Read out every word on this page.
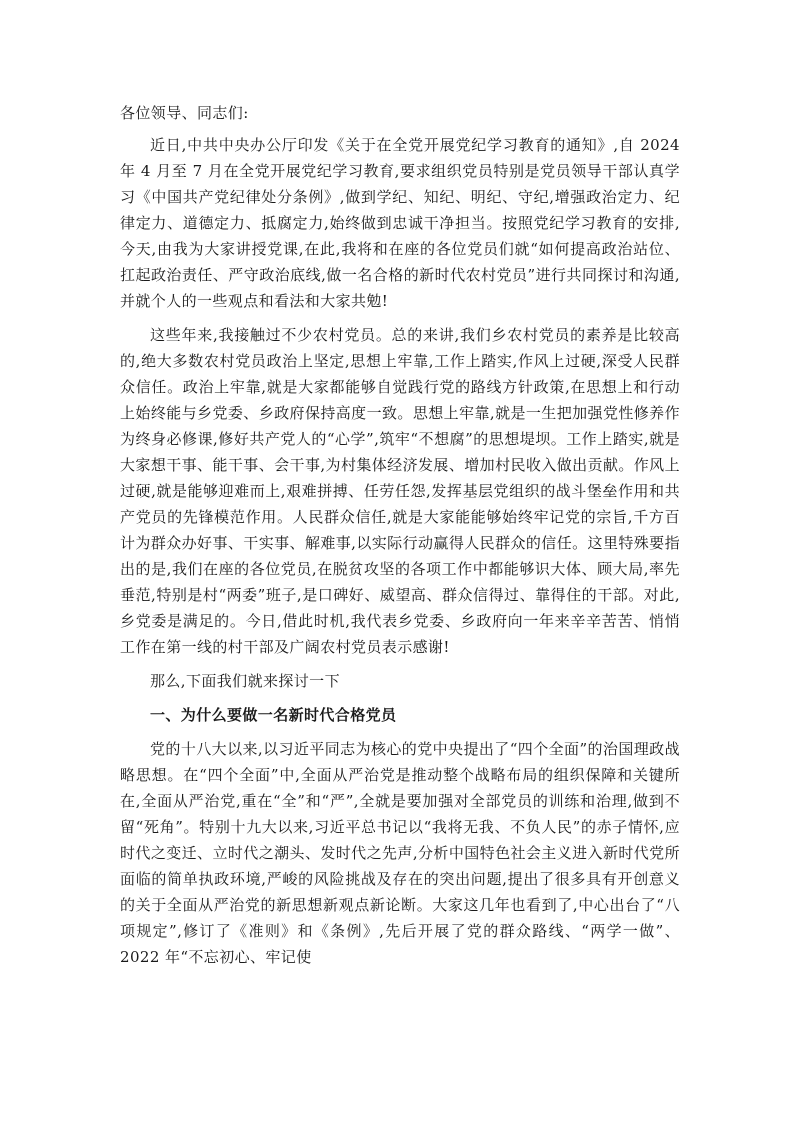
各位领导、同志们:

近日,中共中央办公厅印发《关于在全党开展党纪学习教育的通知》,自 2024 年 4 月至 7 月在全党开展党纪学习教育,要求组织党员特别是党员领导干部认真学习《中国共产党纪律处分条例》,做到学纪、知纪、明纪、守纪,增强政治定力、纪律定力、道德定力、抵腐定力,始终做到忠诚干净担当。按照党纪学习教育的安排,今天,由我为大家讲授党课,在此,我将和在座的各位党员们就“如何提高政治站位、扛起政治责任、严守政治底线,做一名合格的新时代农村党员”进行共同探讨和沟通,并就个人的一些观点和看法和大家共勉!

这些年来,我接触过不少农村党员。总的来讲,我们乡农村党员的素养是比较高的,绝大多数农村党员政治上坚定,思想上牢靠,工作上踏实,作风上过硬,深受人民群众信任。政治上牢靠,就是大家都能够自觉践行党的路线方针政策,在思想上和行动上始终能与乡党委、乡政府保持高度一致。思想上牢靠,就是一生把加强党性修养作为终身必修课,修好共产党人的“心学”,筑牢“不想腐”的思想堤坝。工作上踏实,就是大家想干事、能干事、会干事,为村集体经济发展、增加村民收入做出贡献。作风上过硬,就是能够迎难而上,艰难拼搏、任劳任怨,发挥基层党组织的战斗堡垒作用和共产党员的先锋模范作用。人民群众信任,就是大家能能够始终牢记党的宗旨,千方百计为群众办好事、干实事、解难事,以实际行动赢得人民群众的信任。这里特殊要指出的是,我们在座的各位党员,在脱贫攻坚的各项工作中都能够识大体、顾大局,率先垂范,特别是村“两委”班子,是口碑好、威望高、群众信得过、靠得住的干部。对此,乡党委是满足的。今日,借此时机,我代表乡党委、乡政府向一年来辛辛苦苦、悄悄工作在第一线的村干部及广阔农村党员表示感谢!

那么,下面我们就来探讨一下

一、为什么要做一名新时代合格党员

党的十八大以来,以习近平同志为核心的党中央提出了“四个全面”的治国理政战略思想。在“四个全面”中,全面从严治党是推动整个战略布局的组织保障和关键所在,全面从严治党,重在“全”和“严”,全就是要加强对全部党员的训练和治理,做到不留“死角”。特别十九大以来,习近平总书记以“我将无我、不负人民”的赤子情怀,应时代之变迁、立时代之潮头、发时代之先声,分析中国特色社会主义进入新时代党所面临的简单执政环境,严峻的风险挑战及存在的突出问题,提出了很多具有开创意义的关于全面从严治党的新思想新观点新论断。大家这几年也看到了,中心出台了“八项规定”,修订了《准则》和《条例》,先后开展了党的群众路线、“两学一做”、2022 年“不忘初心、牢记使
